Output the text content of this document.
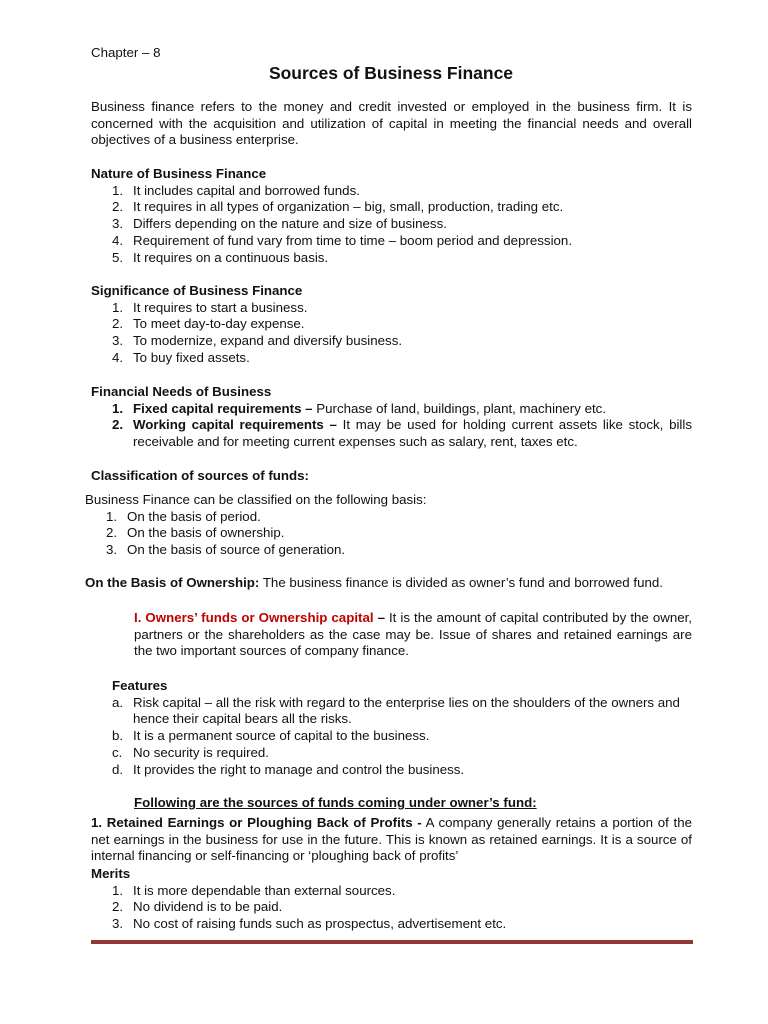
Chapter – 8
Sources of Business Finance
Business finance refers to the money and credit invested or employed in the business firm. It is concerned with the acquisition and utilization of capital in meeting the financial needs and overall objectives of a business enterprise.
Nature of Business Finance
1. It includes capital and borrowed funds.
2. It requires in all types of organization – big, small, production, trading etc.
3. Differs depending on the nature and size of business.
4. Requirement of fund vary from time to time – boom period and depression.
5. It requires on a continuous basis.
Significance of Business Finance
1. It requires to start a business.
2. To meet day-to-day expense.
3. To modernize, expand and diversify business.
4. To buy fixed assets.
Financial Needs of Business
1. Fixed capital requirements – Purchase of land, buildings, plant, machinery etc.
2. Working capital requirements – It may be used for holding current assets like stock, bills receivable and for meeting current expenses such as salary, rent, taxes etc.
Classification of sources of funds:
Business Finance can be classified on the following basis:
1. On the basis of period.
2. On the basis of ownership.
3. On the basis of source of generation.
On the Basis of Ownership: The business finance is divided as owner’s fund and borrowed fund.
I. Owners’ funds or Ownership capital – It is the amount of capital contributed by the owner, partners or the shareholders as the case may be. Issue of shares and retained earnings are the two important sources of company finance.
Features
a. Risk capital – all the risk with regard to the enterprise lies on the shoulders of the owners and hence their capital bears all the risks.
b. It is a permanent source of capital to the business.
c. No security is required.
d. It provides the right to manage and control the business.
Following are the sources of funds coming under owner’s fund:
1. Retained Earnings or Ploughing Back of Profits - A company generally retains a portion of the net earnings in the business for use in the future. This is known as retained earnings. It is a source of internal financing or self-financing or ‘ploughing back of profits’
Merits
1. It is more dependable than external sources.
2. No dividend is to be paid.
3. No cost of raising funds such as prospectus, advertisement etc.
